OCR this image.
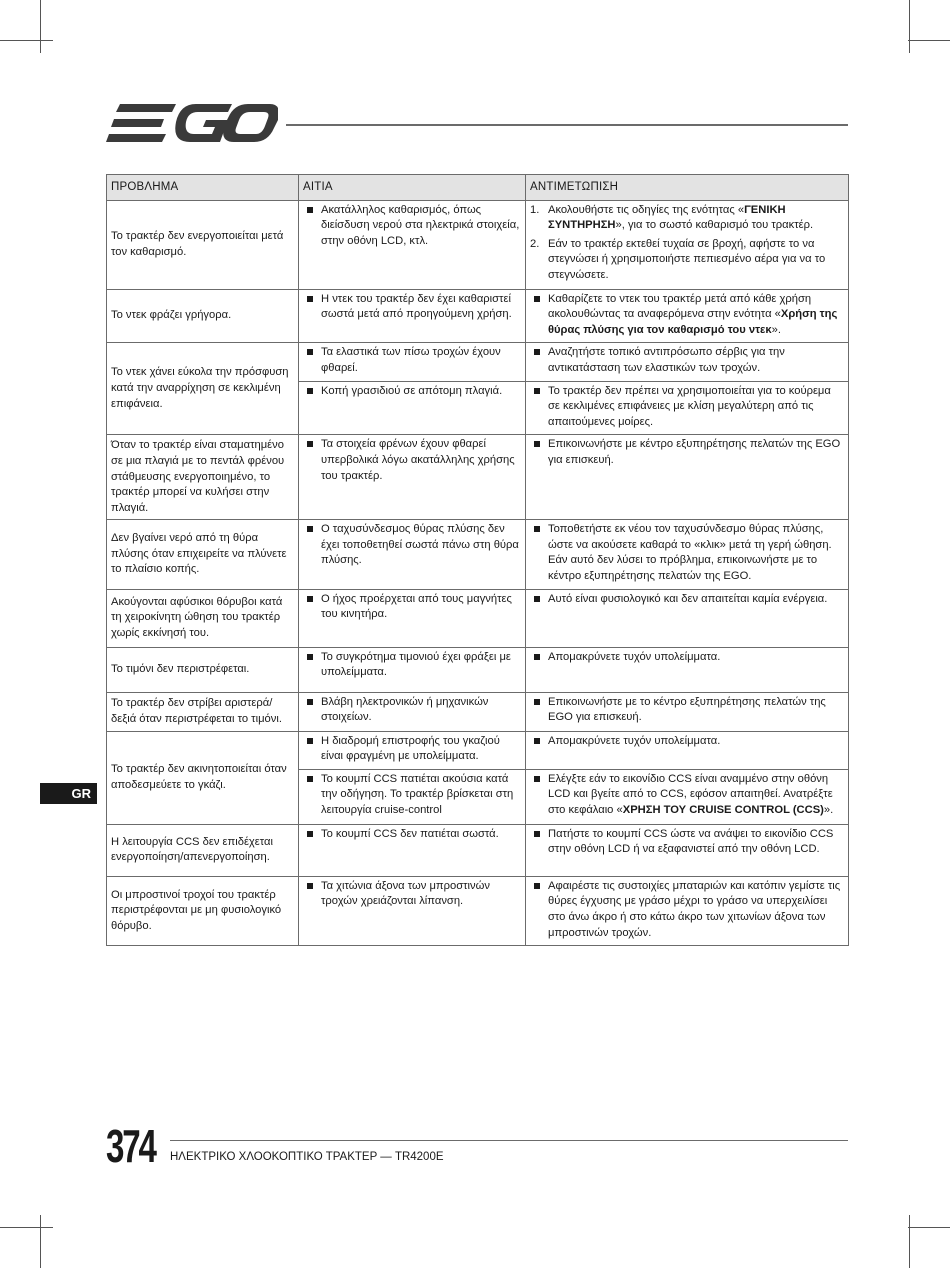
ΠΡΟΒΛΗΜΑ	ΑΙΤΙΑ	ΑΝΤΙΜΕΤΩΠΙΣΗ
Το τρακτέρ δεν ενεργοποιείται μετά τον καθαρισμό.	Ακατάλληλος καθαρισμός, όπως διείσδυση νερού στα ηλεκτρικά στοιχεία, στην οθόνη LCD, κτλ.	1. Ακολουθήστε τις οδηγίες της ενότητας «ΓΕΝΙΚΗ ΣΥΝΤΗΡΗΣΗ», για το σωστό καθαρισμό του τρακτέρ.
2. Εάν το τρακτέρ εκτεθεί τυχαία σε βροχή, αφήστε το να στεγνώσει ή χρησιμοποιήστε πεπιεσμένο αέρα για να το στεγνώσετε.

Το ντεκ φράζει γρήγορα.	Η ντεκ του τρακτέρ δεν έχει καθαριστεί σωστά μετά από προηγούμενη χρήση.	Καθαρίζετε το ντεκ του τρακτέρ μετά από κάθε χρήση ακολουθώντας τα αναφερόμενα στην ενότητα «Χρήση της θύρας πλύσης για τον καθαρισμό του ντεκ».

Το ντεκ χάνει εύκολα την πρόσφυση κατά την αναρρίχηση σε κεκλιμένη επιφάνεια.	Τα ελαστικά των πίσω τροχών έχουν φθαρεί.	Αναζητήστε τοπικό αντιπρόσωπο σέρβις για την αντικατάσταση των ελαστικών των τροχών.

	Κοπή γρασιδιού σε απότομη πλαγιά.	Το τρακτέρ δεν πρέπει να χρησιμοποιείται για το κούρεμα σε κεκλιμένες επιφάνειες με κλίση μεγαλύτερη από τις απαιτούμενες μοίρες.

Όταν το τρακτέρ είναι σταματημένο σε μια πλαγιά με το πεντάλ φρένου στάθμευσης ενεργοποιημένο, το τρακτέρ μπορεί να κυλήσει στην πλαγιά.	Τα στοιχεία φρένων έχουν φθαρεί υπερβολικά λόγω ακατάλληλης χρήσης του τρακτέρ.	Επικοινωνήστε με κέντρο εξυπηρέτησης πελατών της EGO για επισκευή.

Δεν βγαίνει νερό από τη θύρα πλύσης όταν επιχειρείτε να πλύνετε το πλαίσιο κοπής.	Ο ταχυσύνδεσμος θύρας πλύσης δεν έχει τοποθετηθεί σωστά πάνω στη θύρα πλύσης.	Τοποθετήστε εκ νέου τον ταχυσύνδεσμο θύρας πλύσης, ώστε να ακούσετε καθαρά το «κλικ» μετά τη γερή ώθηση. Εάν αυτό δεν λύσει το πρόβλημα, επικοινωνήστε με το κέντρο εξυπηρέτησης πελατών της EGO.

Ακούγονται αφύσικοι θόρυβοι κατά τη χειροκίνητη ώθηση του τρακτέρ χωρίς εκκίνησή του.	Ο ήχος προέρχεται από τους μαγνήτες του κινητήρα.	Αυτό είναι φυσιολογικό και δεν απαιτείται καμία ενέργεια.

Το τιμόνι δεν περιστρέφεται.	Το συγκρότημα τιμονιού έχει φράξει με υπολείμματα.	Απομακρύνετε τυχόν υπολείμματα.

Το τρακτέρ δεν στρίβει αριστερά/ δεξιά όταν περιστρέφεται το τιμόνι.	Βλάβη ηλεκτρονικών ή μηχανικών στοιχείων.	Επικοινωνήστε με το κέντρο εξυπηρέτησης πελατών της EGO για επισκευή.

Το τρακτέρ δεν ακινητοποιείται όταν αποδεσμεύετε το γκάζι.	Η διαδρομή επιστροφής του γκαζιού είναι φραγμένη με υπολείμματα.	Απομακρύνετε τυχόν υπολείμματα.

	Το κουμπί CCS πατιέται ακούσια κατά την οδήγηση. Το τρακτέρ βρίσκεται στη λειτουργία cruise-control	Ελέγξτε εάν το εικονίδιο CCS είναι αναμμένο στην οθόνη LCD και βγείτε από το CCS, εφόσον απαιτηθεί. Ανατρέξτε στο κεφάλαιο «ΧΡΗΣΗ ΤΟΥ CRUISE CONTROL (CCS)».

Η λειτουργία CCS δεν επιδέχεται ενεργοποίηση/απενεργοποίηση.	Το κουμπί CCS δεν πατιέται σωστά.	Πατήστε το κουμπί CCS ώστε να ανάψει το εικονίδιο CCS στην οθόνη LCD ή να εξαφανιστεί από την οθόνη LCD.

Οι μπροστινοί τροχοί του τρακτέρ περιστρέφονται με μη φυσιολογικό θόρυβο.	Τα χιτώνια άξονα των μπροστινών τροχών χρειάζονται λίπανση.	Αφαιρέστε τις συστοιχίες μπαταριών και κατόπιν γεμίστε τις θύρες έγχυσης με γράσο μέχρι το γράσο να υπερχειλίσει στο άνω άκρο ή στο κάτω άκρο των χιτωνίων άξονα των μπροστινών τροχών.
GR
374 ΗΛΕΚΤΡΙΚΟ ΧΛΟΟΚΟΠΤΙΚΟ ΤΡΑΚΤΕΡ — TR4200E
